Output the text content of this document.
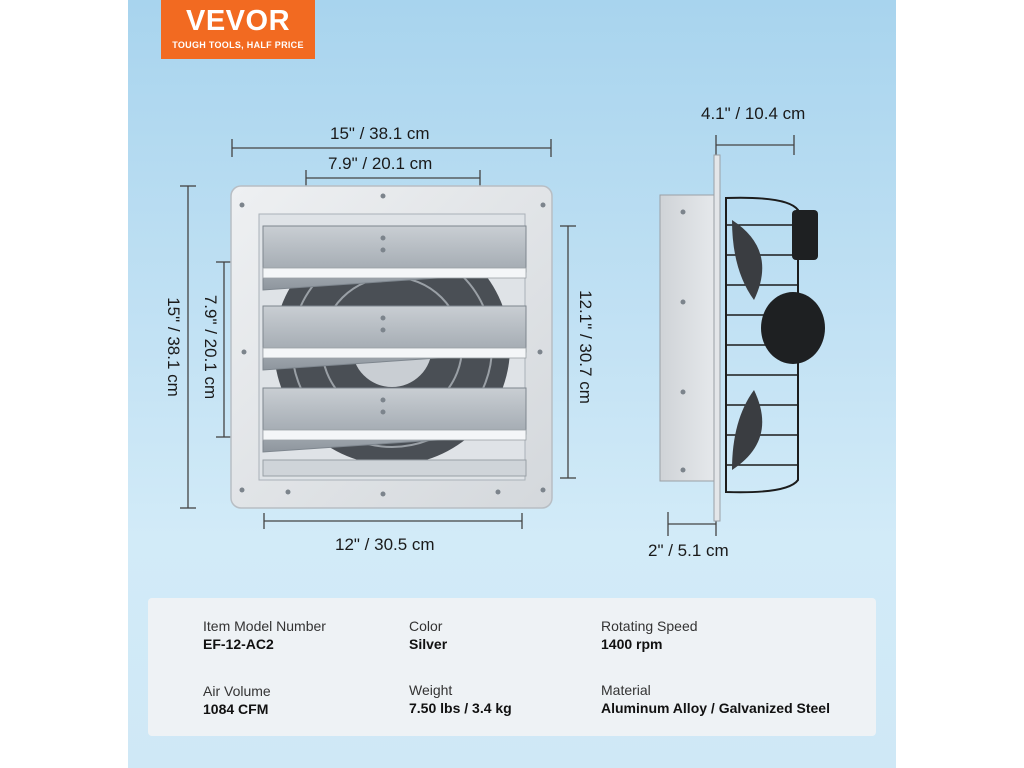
VEVOR
TOUGH TOOLS, HALF PRICE
15" / 38.1 cm
7.9" / 20.1 cm
15" / 38.1 cm 7.9" / 20.1 cm	12.1" / 30.7 cm
12" / 30.5 cm
4.1" / 10.4 cm
2" / 5.1 cm
Item Model Number
EF-12-AC2
Color
Silver
Rotating Speed
1400 rpm
Air Volume
1084 CFM
Weight
7.50 lbs / 3.4 kg
Material
Aluminum Alloy / Galvanized Steel
